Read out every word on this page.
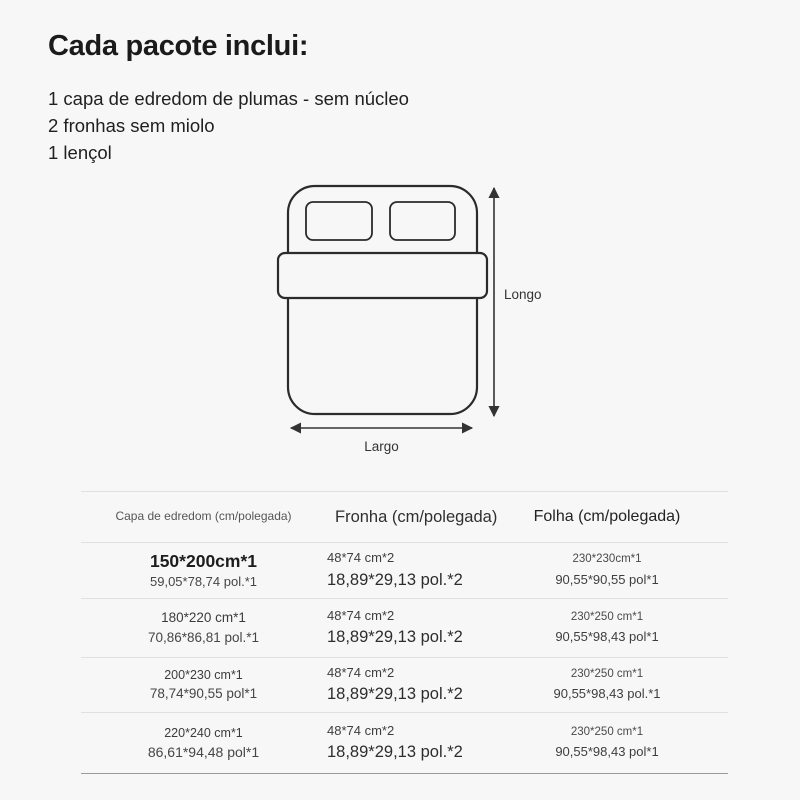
Cada pacote inclui:
1 capa de edredom de plumas - sem núcleo
2 fronhas sem miolo
1 lençol
Longo
Largo
Capa de edredom (cm/polegada)	Fronha (cm/polegada)	Folha (cm/polegada)
150*200cm*1
59,05*78,74 pol.*1
48*74 cm*2
18,89*29,13 pol.*2
230*230cm*1
90,55*90,55 pol*1
180*220 cm*1
70,86*86,81 pol.*1
48*74 cm*2
18,89*29,13 pol.*2
230*250 cm*1
90,55*98,43 pol*1
200*230 cm*1
78,74*90,55 pol*1
48*74 cm*2
18,89*29,13 pol.*2
230*250 cm*1
90,55*98,43 pol.*1
220*240 cm*1
86,61*94,48 pol*1
48*74 cm*2
18,89*29,13 pol.*2
230*250 cm*1
90,55*98,43 pol*1
